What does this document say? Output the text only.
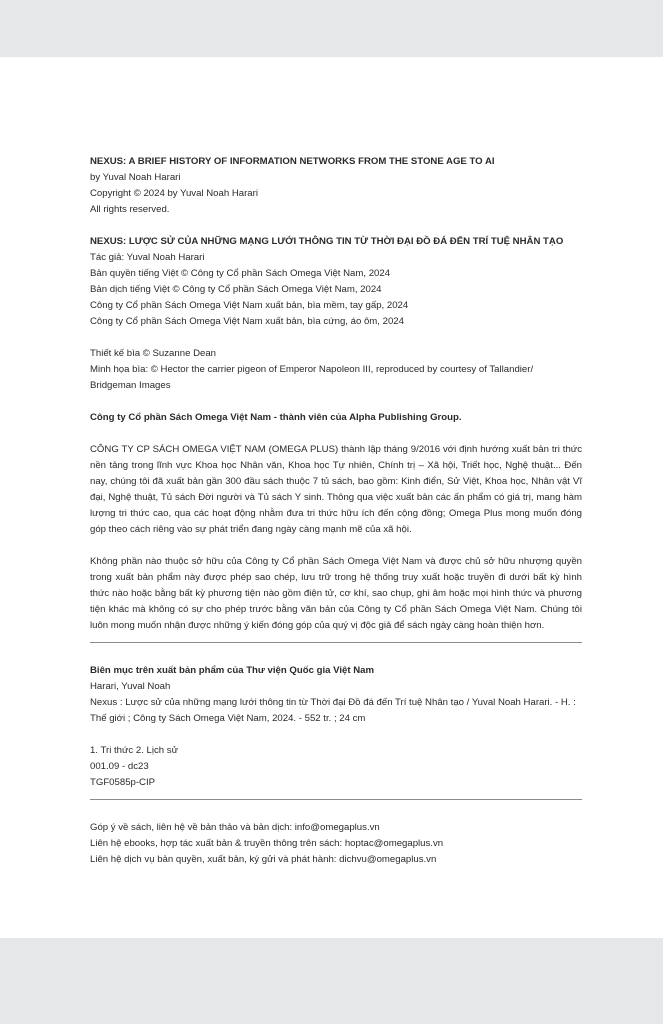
NEXUS: A BRIEF HISTORY OF INFORMATION NETWORKS FROM THE STONE AGE TO AI

by Yuval Noah Harari

Copyright © 2024 by Yuval Noah Harari

All rights reserved.

NEXUS: LƯỢC SỬ CỦA NHỮNG MẠNG LƯỚI THÔNG TIN TỪ THỜI ĐẠI ĐỒ ĐÁ ĐẾN TRÍ TUỆ NHÂN TẠO

Tác giả: Yuval Noah Harari

Bản quyền tiếng Việt © Công ty Cổ phần Sách Omega Việt Nam, 2024

Bản dịch tiếng Việt © Công ty Cổ phần Sách Omega Việt Nam, 2024

Công ty Cổ phần Sách Omega Việt Nam xuất bản, bìa mềm, tay gấp, 2024

Công ty Cổ phần Sách Omega Việt Nam xuất bản, bìa cứng, áo ôm, 2024

Thiết kế bìa © Suzanne Dean

Minh họa bìa: © Hector the carrier pigeon of Emperor Napoleon III, reproduced by courtesy of Tallandier/ Bridgeman Images

Công ty Cổ phần Sách Omega Việt Nam - thành viên của Alpha Publishing Group.

CÔNG TY CP SÁCH OMEGA VIỆT NAM (OMEGA PLUS) thành lập tháng 9/2016 với định hướng xuất bản tri thức nền tảng trong lĩnh vực Khoa học Nhân văn, Khoa học Tự nhiên, Chính trị – Xã hội, Triết học, Nghệ thuật... Đến nay, chúng tôi đã xuất bản gần 300 đầu sách thuộc 7 tủ sách, bao gồm: Kinh điển, Sử Việt, Khoa học, Nhân vật Vĩ đại, Nghệ thuật, Tủ sách Đời người và Tủ sách Y sinh. Thông qua việc xuất bản các ấn phẩm có giá trị, mang hàm lượng tri thức cao, qua các hoạt động nhằm đưa tri thức hữu ích đến cộng đồng; Omega Plus mong muốn đóng góp theo cách riêng vào sự phát triển đang ngày càng mạnh mẽ của xã hội.

Không phần nào thuộc sở hữu của Công ty Cổ phần Sách Omega Việt Nam và được chủ sở hữu nhượng quyền trong xuất bản phẩm này được phép sao chép, lưu trữ trong hệ thống truy xuất hoặc truyền đi dưới bất kỳ hình thức nào hoặc bằng bất kỳ phương tiện nào gồm điện tử, cơ khí, sao chụp, ghi âm hoặc mọi hình thức và phương tiện khác mà không có sự cho phép trước bằng văn bản của Công ty Cổ phần Sách Omega Việt Nam. Chúng tôi luôn mong muốn nhận được những ý kiến đóng góp của quý vị độc giả để sách ngày càng hoàn thiện hơn.

Biên mục trên xuất bản phẩm của Thư viện Quốc gia Việt Nam

Harari, Yuval Noah

Nexus : Lược sử của những mạng lưới thông tin từ Thời đại Đồ đá đến Trí tuệ Nhân tạo / Yuval Noah Harari. - H. : Thế giới ; Công ty Sách Omega Việt Nam, 2024. - 552 tr. ; 24 cm

1. Tri thức 2. Lịch sử

001.09 - dc23

TGF0585p-CIP

Góp ý về sách, liên hệ về bản thảo và bản dịch: info@omegaplus.vn

Liên hệ ebooks, hợp tác xuất bản & truyền thông trên sách: hoptac@omegaplus.vn

Liên hệ dịch vụ bản quyền, xuất bản, ký gửi và phát hành: dichvu@omegaplus.vn
